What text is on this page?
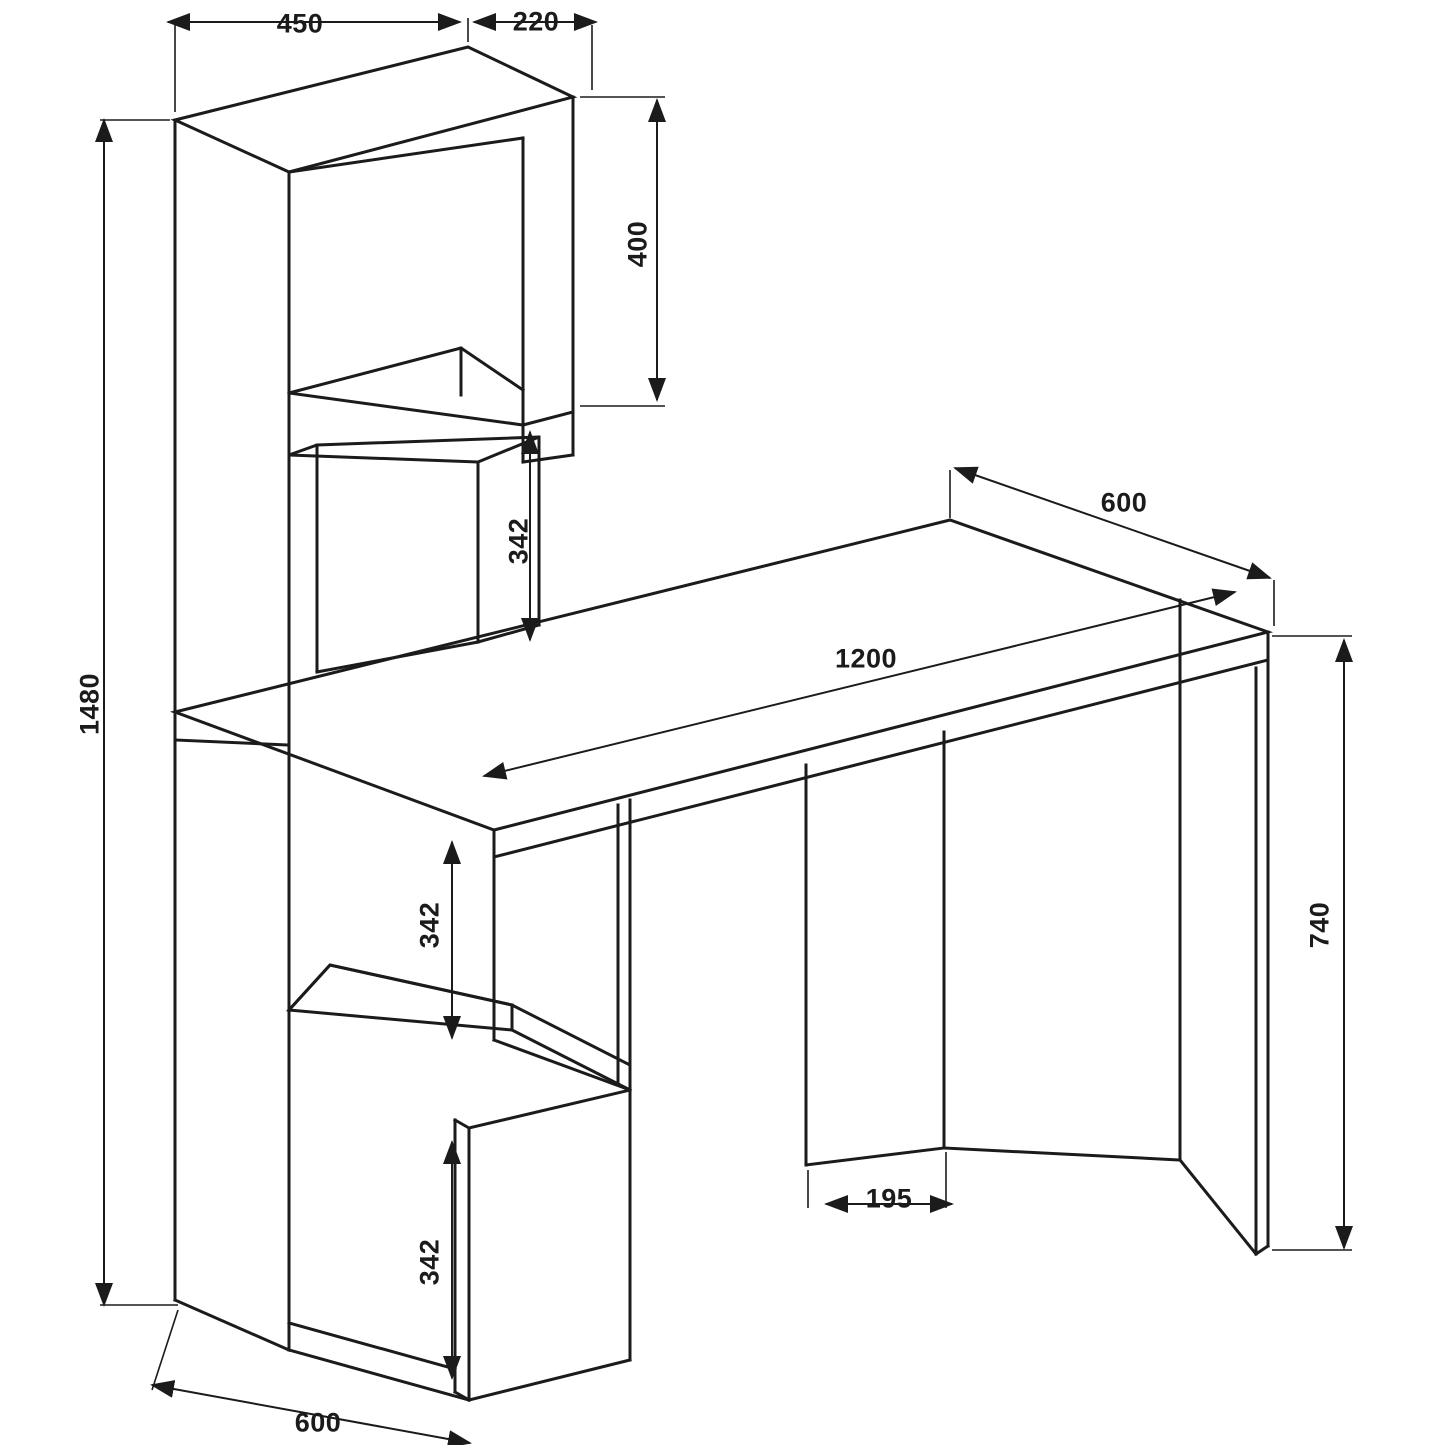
450	220
400
342
1480
600
1200
740
342
342
195
600
